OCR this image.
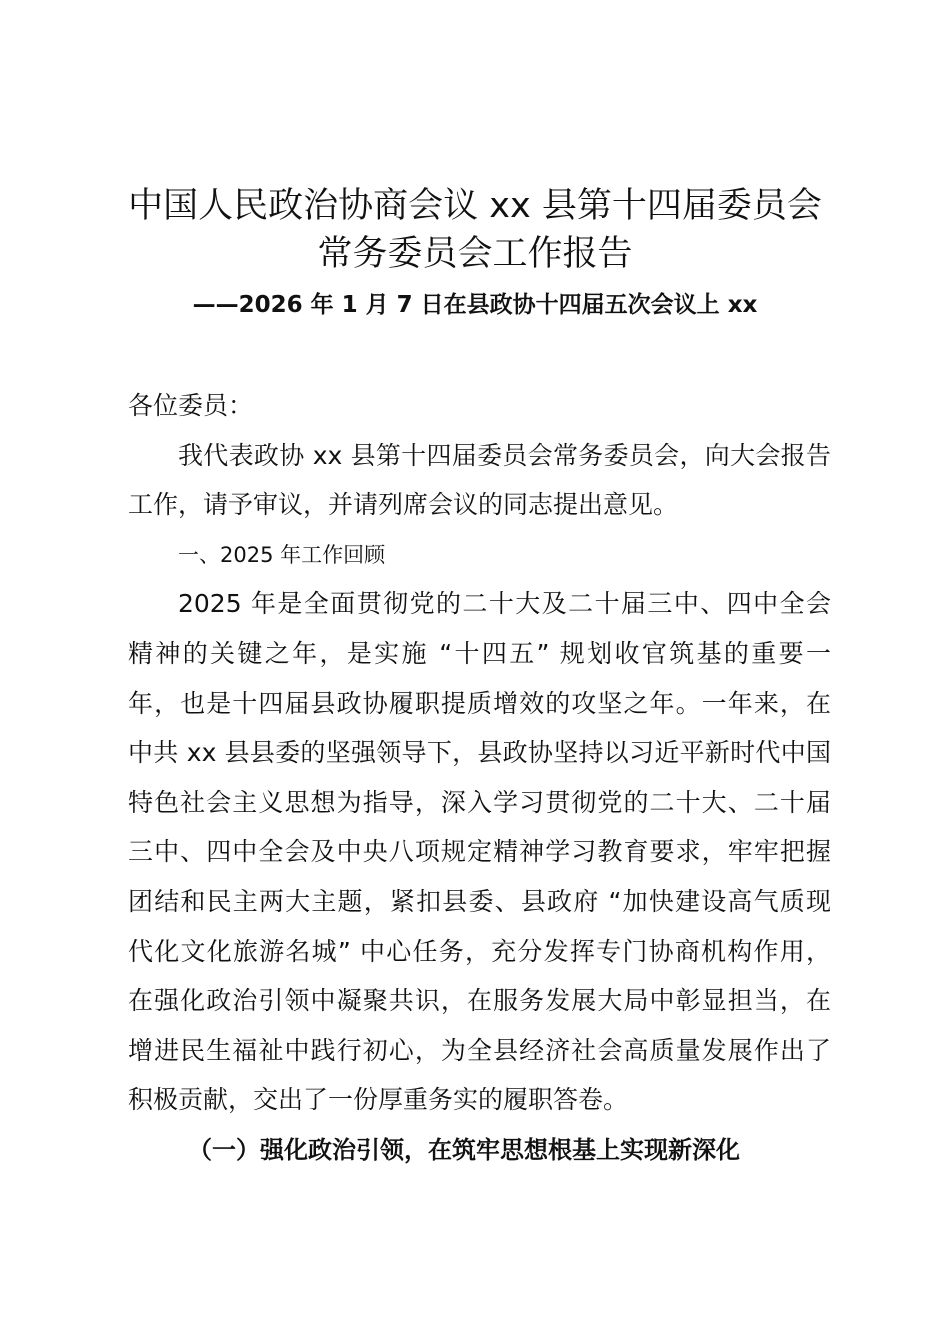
中国人民政治协商会议 xx 县第十四届委员会
常务委员会工作报告
——2026 年 1 月 7 日在县政协十四届五次会议上 xx
各位委员：
我代表政协 xx 县第十四届委员会常务委员会，向大会报告
工作，请予审议，并请列席会议的同志提出意见。
一、2025 年工作回顾
2025 年是全面贯彻党的二十大及二十届三中、四中全会
精神的关键之年，是实施 “十四五” 规划收官筑基的重要一
年，也是十四届县政协履职提质增效的攻坚之年。一年来，在
中共 xx 县县委的坚强领导下，县政协坚持以习近平新时代中国
特色社会主义思想为指导，深入学习贯彻党的二十大、二十届
三中、四中全会及中央八项规定精神学习教育要求，牢牢把握
团结和民主两大主题，紧扣县委、县政府 “加快建设高气质现
代化文化旅游名城” 中心任务，充分发挥专门协商机构作用，
在强化政治引领中凝聚共识，在服务发展大局中彰显担当，在
增进民生福祉中践行初心，为全县经济社会高质量发展作出了
积极贡献，交出了一份厚重务实的履职答卷。
（一）强化政治引领，在筑牢思想根基上实现新深化
